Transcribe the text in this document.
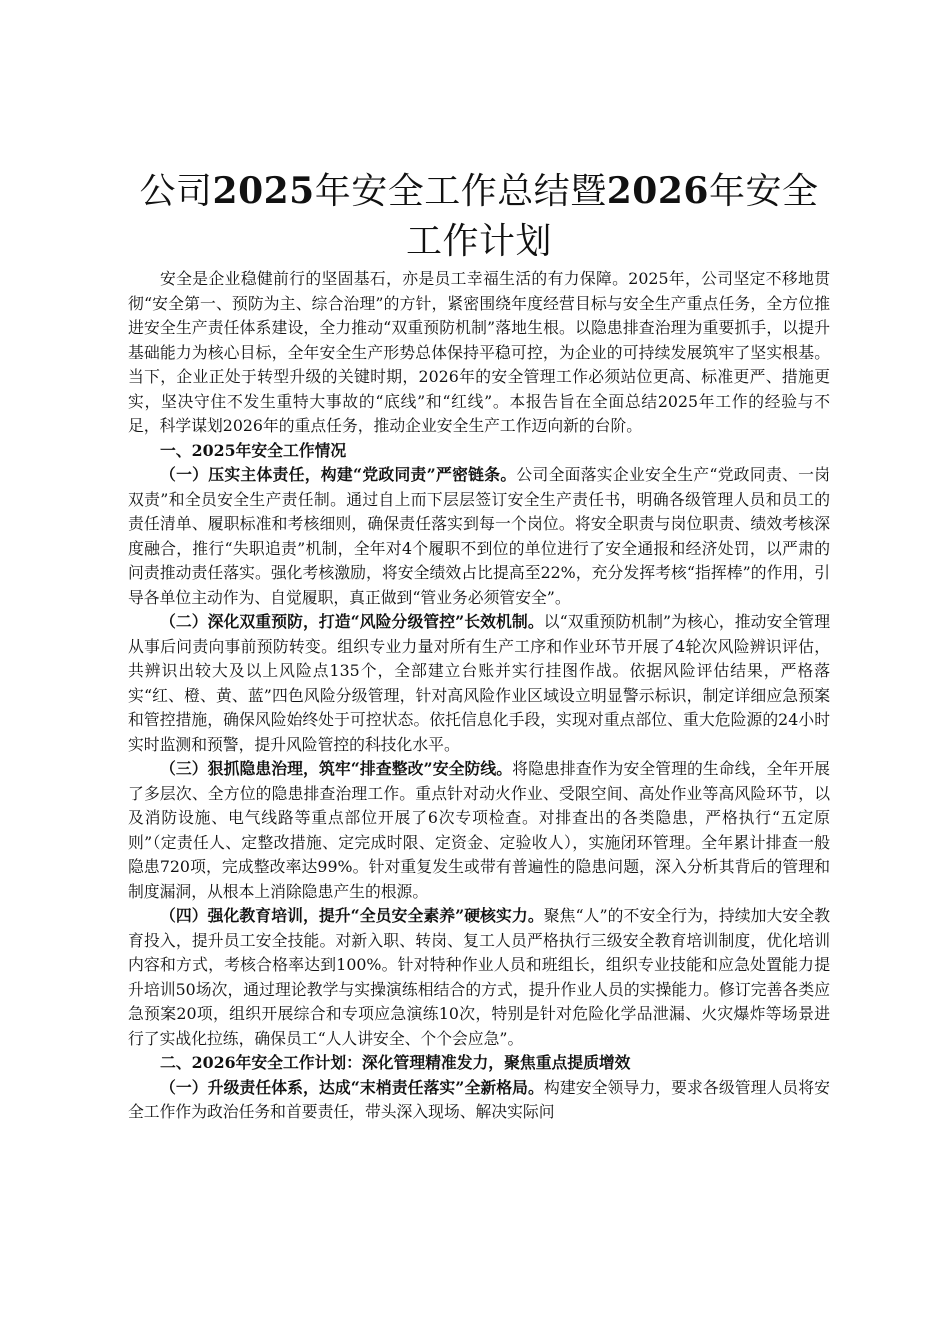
公司2025年安全工作总结暨2026年安全工作计划

安全是企业稳健前行的坚固基石，亦是员工幸福生活的有力保障。2025年，公司坚定不移地贯彻“安全第一、预防为主、综合治理”的方针，紧密围绕年度经营目标与安全生产重点任务，全方位推进安全生产责任体系建设，全力推动“双重预防机制”落地生根。以隐患排查治理为重要抓手，以提升基础能力为核心目标，全年安全生产形势总体保持平稳可控，为企业的可持续发展筑牢了坚实根基。当下，企业正处于转型升级的关键时期，2026年的安全管理工作必须站位更高、标准更严、措施更实，坚决守住不发生重特大事故的“底线”和“红线”。本报告旨在全面总结2025年工作的经验与不足，科学谋划2026年的重点任务，推动企业安全生产工作迈向新的台阶。

一、2025年安全工作情况

（一）压实主体责任，构建“党政同责”严密链条。公司全面落实企业安全生产“党政同责、一岗双责”和全员安全生产责任制。通过自上而下层层签订安全生产责任书，明确各级管理人员和员工的责任清单、履职标准和考核细则，确保责任落实到每一个岗位。将安全职责与岗位职责、绩效考核深度融合，推行“失职追责”机制，全年对4个履职不到位的单位进行了安全通报和经济处罚，以严肃的问责推动责任落实。强化考核激励，将安全绩效占比提高至22%，充分发挥考核“指挥棒”的作用，引导各单位主动作为、自觉履职，真正做到“管业务必须管安全”。

（二）深化双重预防，打造“风险分级管控”长效机制。以“双重预防机制”为核心，推动安全管理从事后问责向事前预防转变。组织专业力量对所有生产工序和作业环节开展了4轮次风险辨识评估，共辨识出较大及以上风险点135个，全部建立台账并实行挂图作战。依据风险评估结果，严格落实“红、橙、黄、蓝”四色风险分级管理，针对高风险作业区域设立明显警示标识，制定详细应急预案和管控措施，确保风险始终处于可控状态。依托信息化手段，实现对重点部位、重大危险源的24小时实时监测和预警，提升风险管控的科技化水平。

（三）狠抓隐患治理，筑牢“排查整改”安全防线。将隐患排查作为安全管理的生命线，全年开展了多层次、全方位的隐患排查治理工作。重点针对动火作业、受限空间、高处作业等高风险环节，以及消防设施、电气线路等重点部位开展了6次专项检查。对排查出的各类隐患，严格执行“五定原则”（定责任人、定整改措施、定完成时限、定资金、定验收人），实施闭环管理。全年累计排查一般隐患720项，完成整改率达99%。针对重复发生或带有普遍性的隐患问题，深入分析其背后的管理和制度漏洞，从根本上消除隐患产生的根源。

（四）强化教育培训，提升“全员安全素养”硬核实力。聚焦“人”的不安全行为，持续加大安全教育投入，提升员工安全技能。对新入职、转岗、复工人员严格执行三级安全教育培训制度，优化培训内容和方式，考核合格率达到100%。针对特种作业人员和班组长，组织专业技能和应急处置能力提升培训50场次，通过理论教学与实操演练相结合的方式，提升作业人员的实操能力。修订完善各类应急预案20项，组织开展综合和专项应急演练10次，特别是针对危险化学品泄漏、火灾爆炸等场景进行了实战化拉练，确保员工“人人讲安全、个个会应急”。

二、2026年安全工作计划：深化管理精准发力，聚焦重点提质增效

（一）升级责任体系，达成“末梢责任落实”全新格局。构建安全领导力，要求各级管理人员将安全工作作为政治任务和首要责任，带头深入现场、解决实际问
